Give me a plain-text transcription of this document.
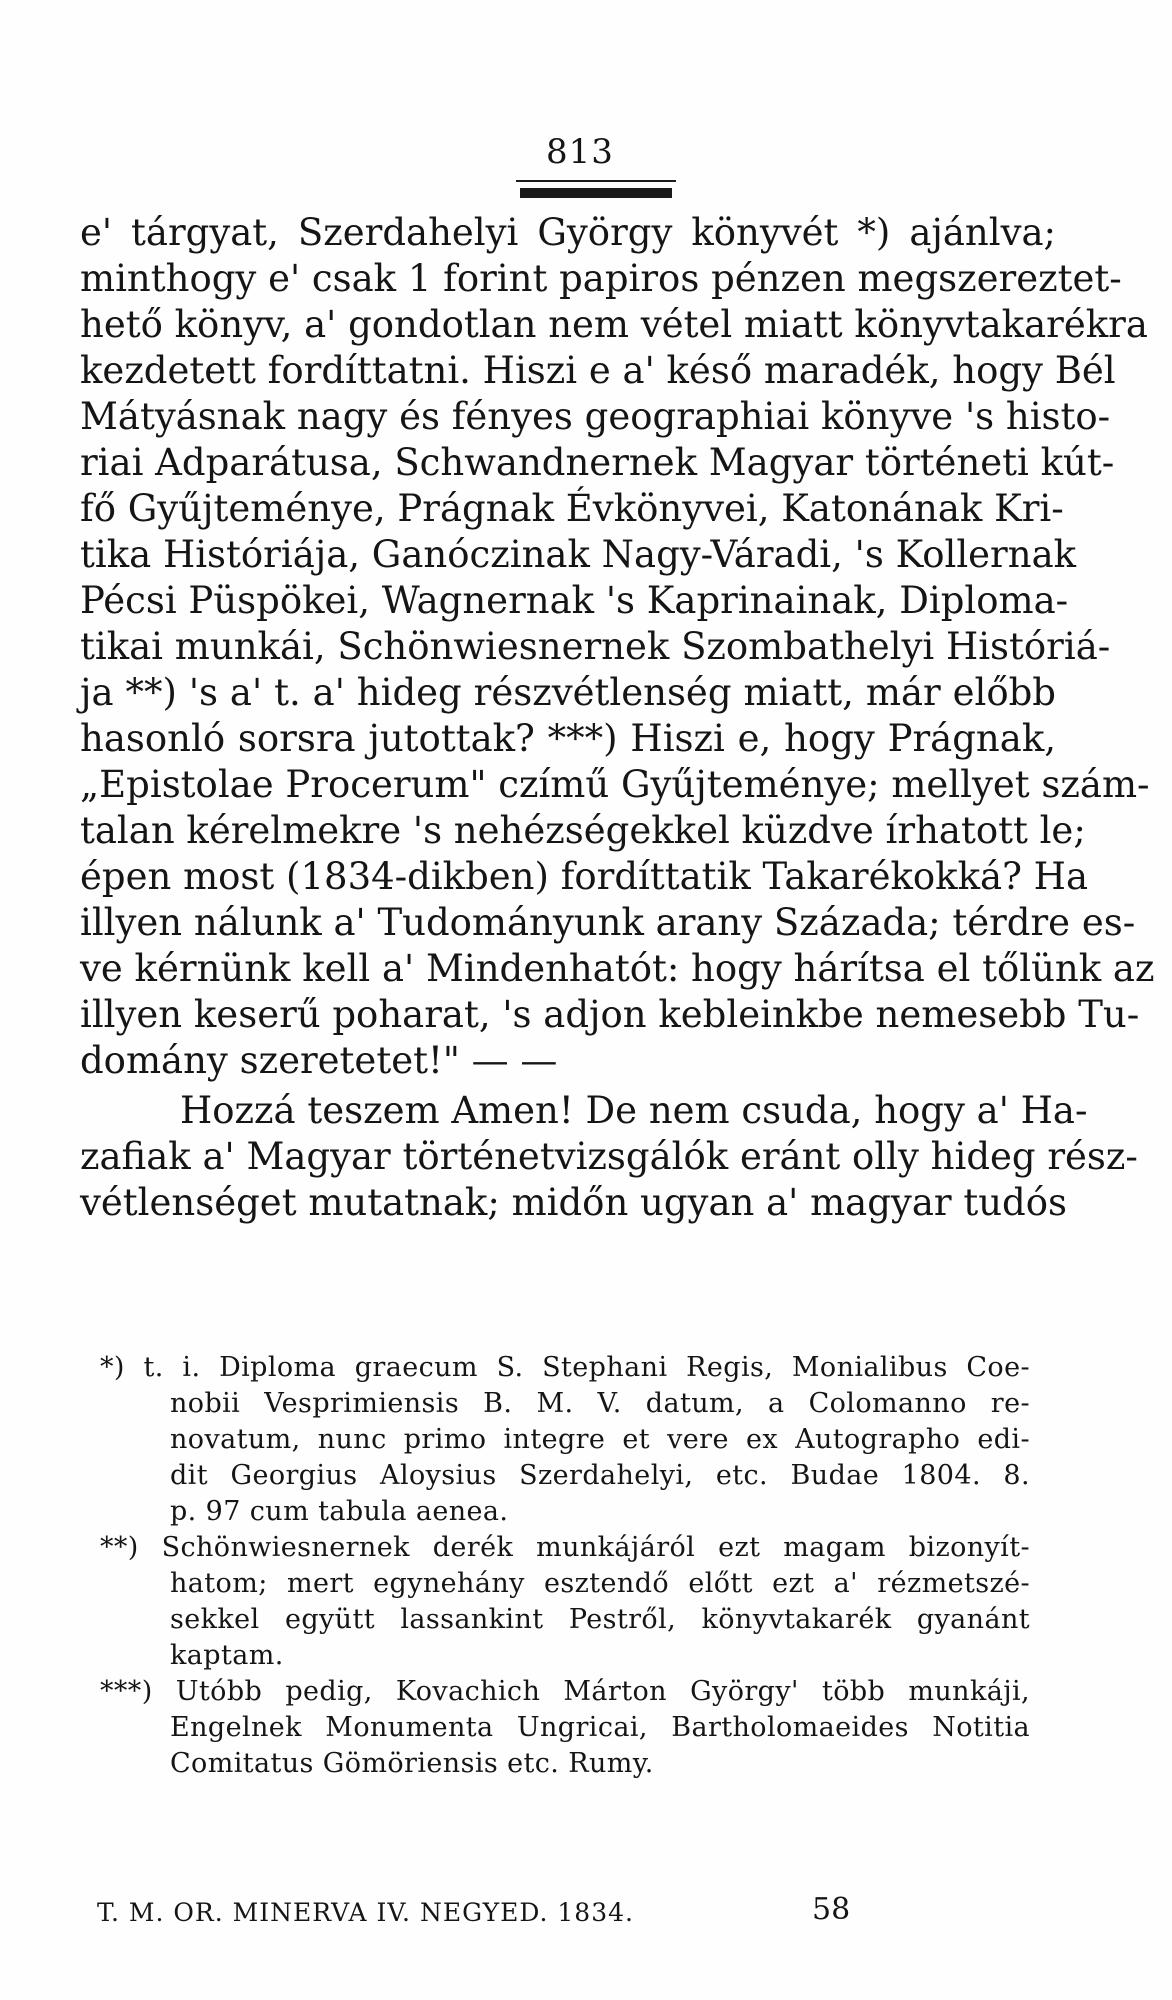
813
e' tárgyat, Szerdahelyi György könyvét *) ajánlva;
minthogy e' csak 1 forint papiros pénzen megszereztet-
hető könyv, a' gondotlan nem vétel miatt könyvtakarékra
kezdetett fordíttatni. Hiszi e a' késő maradék, hogy Bél
Mátyásnak nagy és fényes geographiai könyve 's histo-
riai Adparátusa, Schwandnernek Magyar történeti kút-
fő Gyűjteménye, Prágnak Évkönyvei, Katonának Kri-
tika Históriája, Ganóczinak Nagy-Váradi, 's Kollernak
Pécsi Püspökei, Wagnernak 's Kaprinainak, Diploma-
tikai munkái, Schönwiesnernek Szombathelyi Históriá-
ja **) 's a' t. a' hideg részvétlenség miatt, már előbb
hasonló sorsra jutottak? ***) Hiszi e, hogy Prágnak,
„Epistolae Procerum" czímű Gyűjteménye; mellyet szám-
talan kérelmekre 's nehézségekkel küzdve írhatott le;
épen most (1834-dikben) fordíttatik Takarékokká? Ha
illyen nálunk a' Tudományunk arany Százada; térdre es-
ve kérnünk kell a' Mindenhatót: hogy hárítsa el tőlünk az
illyen keserű poharat, 's adjon kebleinkbe nemesebb Tu-
domány szeretetet!" — —
Hozzá teszem Amen! De nem csuda, hogy a' Ha-
zafiak a' Magyar történetvizsgálók eránt olly hideg rész-
vétlenséget mutatnak; midőn ugyan a' magyar tudós
*) t. i. Diploma graecum S. Stephani Regis, Monialibus Coe-
nobii Vesprimiensis B. M. V. datum, a Colomanno re-
novatum, nunc primo integre et vere ex Autographo edi-
dit Georgius Aloysius Szerdahelyi, etc. Budae 1804. 8.
p. 97 cum tabula aenea.
**) Schönwiesnernek derék munkájáról ezt magam bizonyít-
hatom; mert egynehány esztendő előtt ezt a' rézmetszé-
sekkel együtt lassankint Pestről, könyvtakarék gyanánt
kaptam.
***) Utóbb pedig, Kovachich Márton György' több munkáji,
Engelnek Monumenta Ungricai, Bartholomaeides Notitia
Comitatus Gömöriensis etc. Rumy.
T. M. OR. MINERVA IV. NEGYED. 1834.	58
